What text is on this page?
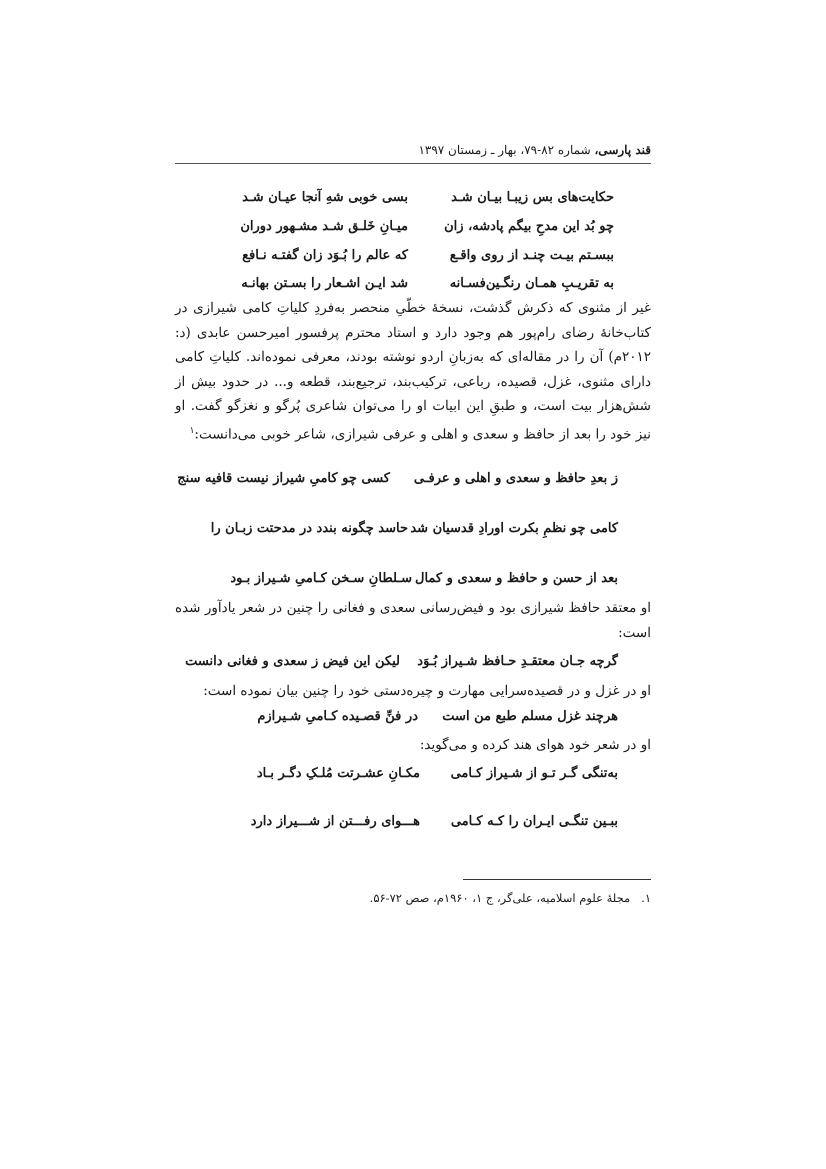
قند پارسی، شماره ۸۲-۷۹، بهار ـ زمستان ۱۳۹۷
حکایت‌های بس زیبـا بیـان شـد
بسی خوبی شهِ آنجا عیـان شـد
چو بُد این مدحِ بیگم پادشه، زان
میـانِ خَلـق شـد مشـهور دوران
ببسـتم بیـت چنـد از روی واقـع
که عالم را بُـوَد زان گفتـه نـافع
به تقریـبِ همـان رنگـین‌فسـانه
شد ایـن اشـعار را بسـتن بهانـه

غیر از مثنوی که ذکرش گذشت، نسخهٔ خطّیِ منحصر به‌فردِ کلیاتِ کامی شیرازی در کتاب‌خانهٔ رضای رام‌پور هم وجود دارد و استاد محترم پرفسور امیرحسن عابدی (د: ۲۰۱۲م) آن را در مقاله‌ای که به‌زبانِ اردو نوشته بودند، معرفی نموده‌اند. کلیاتِ کامی دارای مثنوی، غزل، قصیده، رباعی، ترکیب‌بند، ترجیع‌بند، قطعه و... در حدود بیش از شش‌هزار بیت است، و طبقِ این ابیات او را می‌توان شاعری پُرگو و نغزگو گفت. او نیز خود را بعد از حافظ و سعدی و اهلی و عرفی شیرازی، شاعر خوبی می‌دانست:$^۱$

ز بعدِ حافظ و سعدی و اهلی و عرفـی
کسی چو کامیِ شیراز نیست قافیه سنج
کامی چو نظمِ بکرت اورادِ قدسیان شد
حاسد چگونه بندد در مدحتت زبـان را
بعد از حسن و حافظ و سعدی و کمال
سـلطانِ سـخن کـامیِ شـیراز بـود

او معتقد حافظ شیرازی بود و فیض‌رسانی سعدی و فغانی را چنین در شعر یادآور شده است:

گرچه جـان معتقـدِ حـافظ شـیراز بُـوَد
لیکن این فیض ز سعدی و فغانی دانست

او در غزل و در قصیده‌سرایی مهارت و چیره‌دستی خود را چنین بیان نموده است:

هرچند غزل مسلم طبع من است
در فنِّ قصـیده کـامیِ شـیرازم

او در شعر خود هوای هند کرده و می‌گوید:

به‌تنگی گـر تـو از شـیراز کـامی
مکـانِ عشـرتت مُلـکِ دگـر بـاد
ببـین تنگـی ایـران را کـه کـامی
هـــوای رفـــتن از شـــیراز دارد
۱.   مجلهٔ علوم اسلامیه، علی‌گر، ج ۱، ۱۹۶۰م، صص ۷۲-۵۶.
